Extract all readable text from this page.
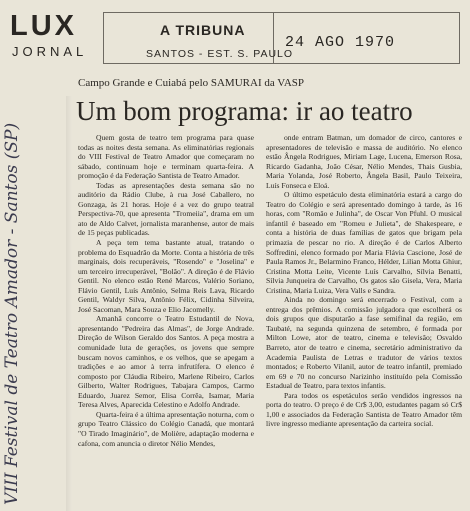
LUX
JORNAL
A TRIBUNA
SANTOS - EST. S. PAULO
24 AGO 1970
Campo Grande e Cuiabá pelo SAMURAI da VASP
Um bom programa: ir ao teatro
VIII Festival de Teatro Amador - Santos (SP)	Quem gosta de teatro tem programa para quase todas as noites desta semana. As eliminatórias regionais do VIII Festival de Teatro Amador que começaram no sábado, continuam hoje e terminam quarta-feira. A promoção é da Federação Santista de Teatro Amador.

Todas as apresentações desta semana são no auditório da Rádio Clube, à rua José Caballero, no Gonzaga, às 21 horas. Hoje é a vez do grupo teatral Perspectiva-70, que apresenta "Tromeiia", drama em um ato de Aldo Calvet, jornalista maranhense, autor de mais de 15 peças publicadas.

A peça tem tema bastante atual, tratando o problema do Esquadrão da Morte. Conta a história de três marginais, dois recuperáveis, "Rosendo" e "Joselina" e um terceiro irrecuperável, "Bolão". A direção é de Flávio Gentil. No elenco estão René Marcos, Valério Soriano, Flávio Gentil, Luís Antônio, Selma Reis Lava, Ricardo Gentil, Waldyr Silva, Antônio Félix, Cidinha Silveira, José Sacoman, Mara Souza e Elio Jacomelly.

Amanhã concorre o Teatro Estudantil de Nova, apresentando "Pedreira das Almas", de Jorge Andrade. Direção de Wilson Geraldo dos Santos. A peça mostra a comunidade luta de gerações, os jovens que sempre buscam novos caminhos, e os velhos, que se apegam a tradições e ao amor à terra infrutífera. O elenco é composto por Cláudia Ribeiro, Marlene Ribeiro, Carlos Gilberto, Walter Rodrigues, Tabajara Campos, Carmo Eduardo, Juarez Semor, Elisa Corrêa, Isamar, Maria Teresa Alves, Aparecida Celestino e Adolfo Andrade.

Quarta-feira é a última apresentação noturna, com o grupo Teatro Clássico do Colégio Canadá, que montará "O Tirado Imaginário", de Molière, adaptação moderna e cafona, com anuncia o diretor Nélio Mendes,

onde entram Batman, um domador de circo, cantores e apresentadores de televisão e massa de auditório. No elenco estão Ângela Rodrigues, Miriam Lage, Lucena, Emerson Rosa, Ricardo Gadanha, João César, Nélio Mendes, Thais Gusbia, Maria Yolanda, José Roberto, Ângela Basil, Paulo Teixeira, Luís Fonseca e Eloá.

O último espetáculo desta eliminatória estará a cargo do Teatro do Colégio e será apresentado domingo à tarde, às 16 horas, com "Romão e Julinha", de Oscar Von Pfuhl. O musical infantil é baseado em "Romeu e Julieta", de Shakespeare, e conta a história de duas famílias de gatos que brigam pela primazia de pescar no rio. A direção é de Carlos Alberto Soffredini, elenco formado por Maria Flávia Cascione, José de Paula Ramos Jr., Belarmino Franco, Hélder, Lilian Motta Ghiur, Cristina Motta Leite, Vicente Luís Carvalho, Sílvia Benatti, Sílvia Junqueira de Carvalho, Os gatos são Gisela, Vera, Maria Cristina, Maria Luiza, Vera Valls e Sandra.

Ainda no domingo será encerrado o Festival, com a entrega dos prêmios. A comissão julgadora que escolherá os dois grupos que disputarão a fase semifinal da região, em Taubaté, na segunda quinzena de setembro, é formada por Milton Lowe, ator de teatro, cinema e televisão; Osvaldo Barreto, ator de teatro e cinema, secretário administrativo da Academia Paulista de Letras e tradutor de vários textos montados; e Roberto Vilanil, autor de teatro infantil, premiado em 69 e 70 no concurso Narizinho instituído pela Comissão Estadual de Teatro, para textos infantis.

Para todos os espetáculos serão vendidos ingressos na porta do teatro. O preço é de Cr$ 3,00, estudantes pagam só Cr$ 1,00 e associados da Federação Santista de Teatro Amador têm livre ingresso mediante apresentação da carteira social.
